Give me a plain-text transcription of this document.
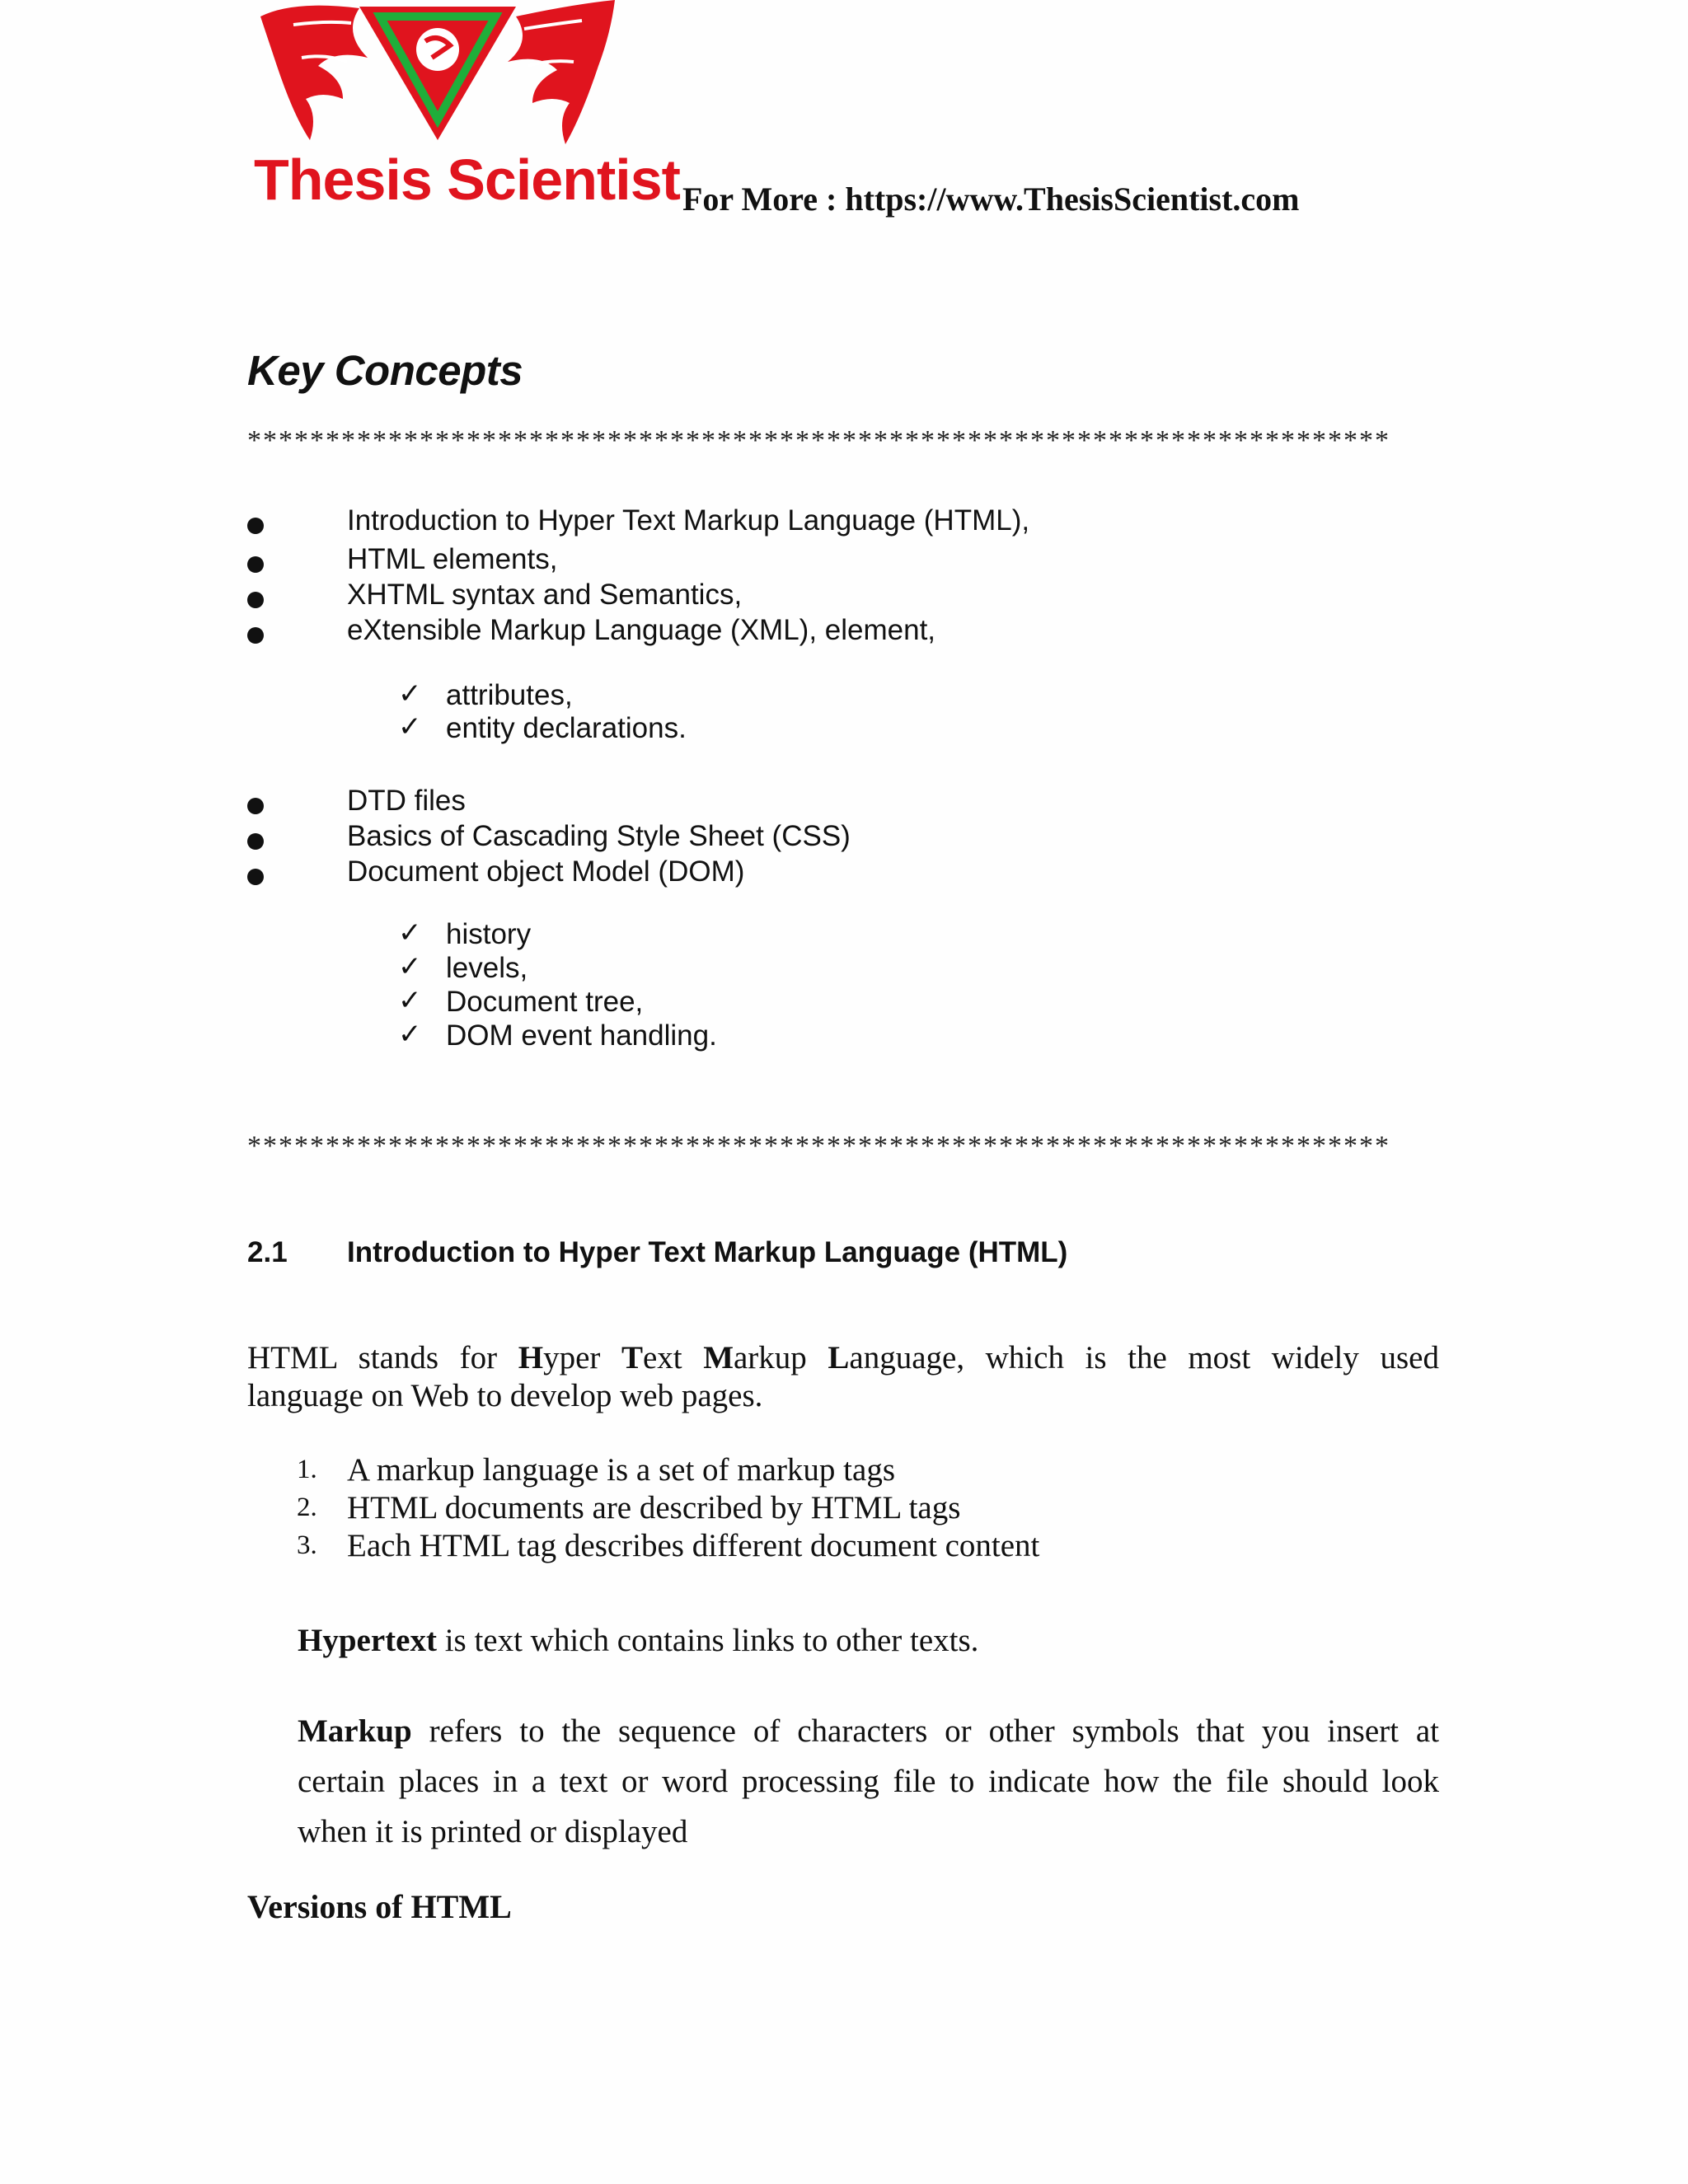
Thesis Scientist For More : https://www.ThesisScientist.com
Key Concepts
*************************************************************************
Introduction to Hyper Text Markup Language (HTML),
HTML elements,
XHTML syntax and Semantics,
eXtensible Markup Language (XML), element,
✓ attributes,
✓ entity declarations.
DTD files
Basics of Cascading Style Sheet (CSS)
Document object Model (DOM)
✓ history
✓ levels,
✓ Document tree,
✓ DOM event handling.
*************************************************************************
2.1 Introduction to Hyper Text Markup Language (HTML)
HTML stands for Hyper Text Markup Language, which is the most widely used
language on Web to develop web pages.
1. A markup language is a set of markup tags
2. HTML documents are described by HTML tags
3. Each HTML tag describes different document content
Hypertext is text which contains links to other texts.
Markup refers to the sequence of characters or other symbols that you insert at
certain places in a text or word processing file to indicate how the file should look
when it is printed or displayed
Versions of HTML
